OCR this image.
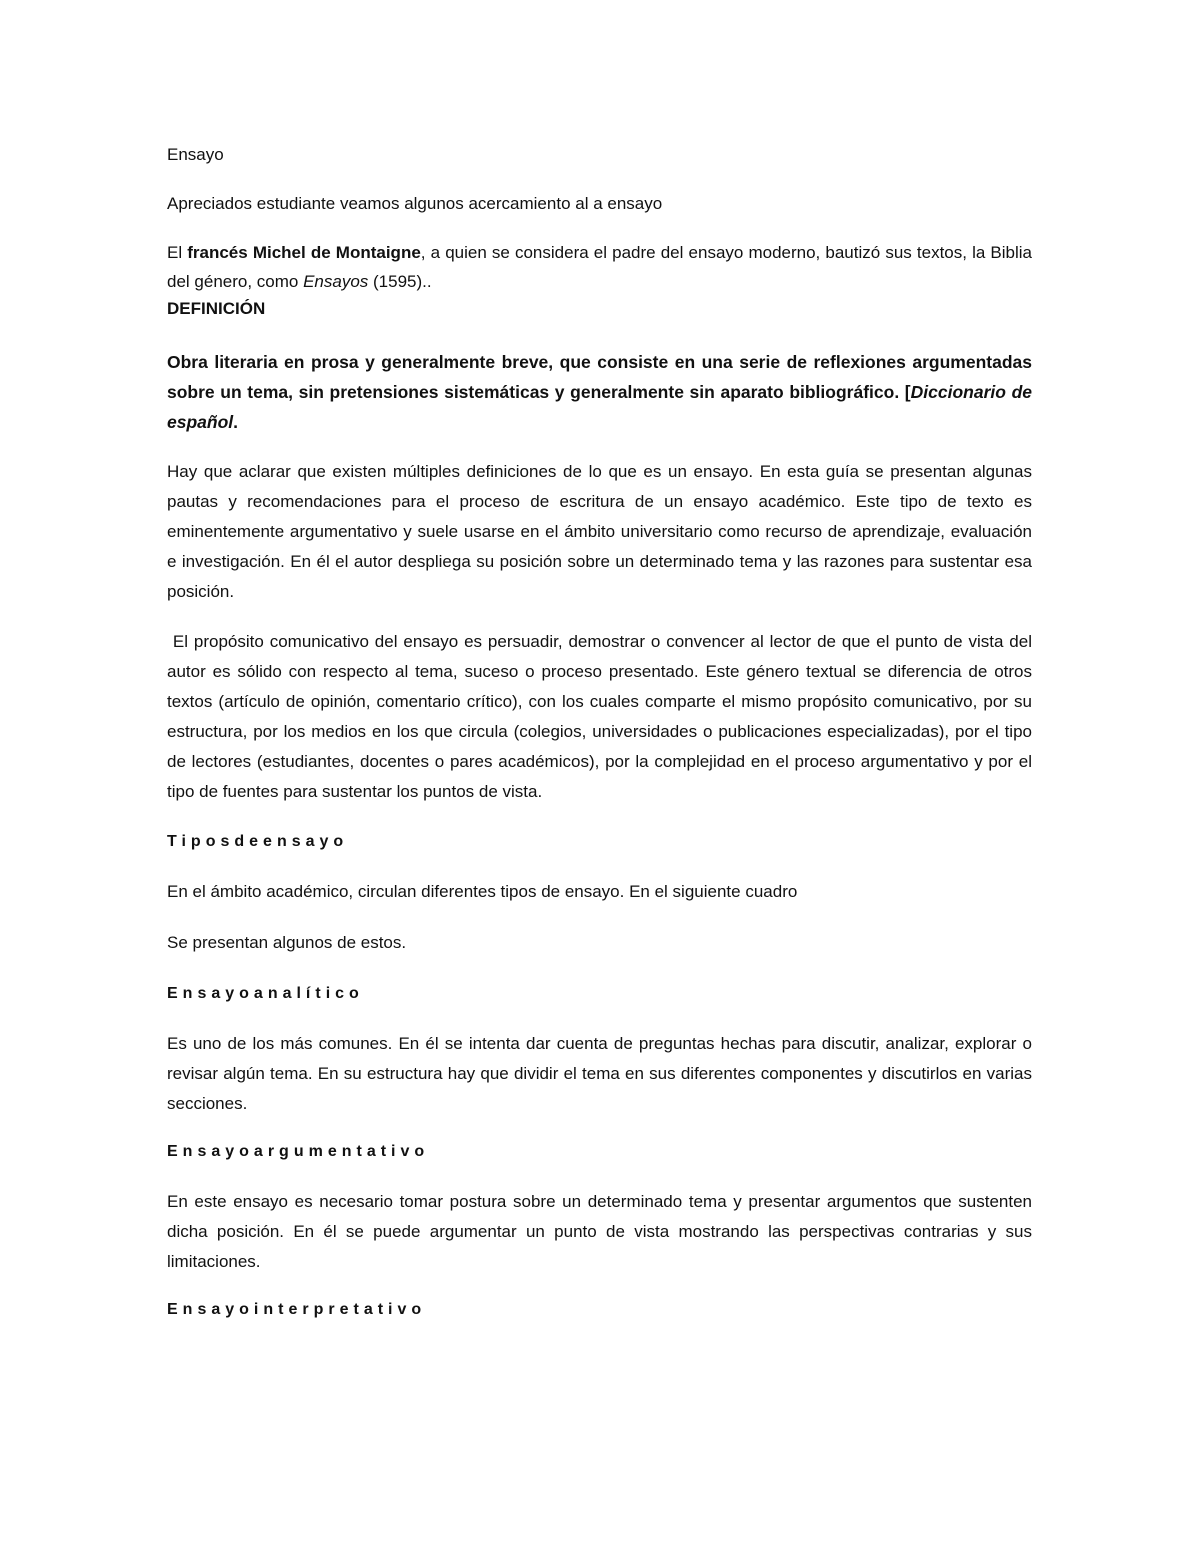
Ensayo

Apreciados estudiante veamos algunos acercamiento al a ensayo

El francés Michel de Montaigne, a quien se considera el padre del ensayo moderno, bautizó sus textos, la Biblia del género, como Ensayos (1595)..

DEFINICIÓN

Obra literaria en prosa y generalmente breve, que consiste en una serie de reflexiones argumentadas sobre un tema, sin pretensiones sistemáticas y generalmente sin aparato bibliográfico. [Diccionario de español.

Hay que aclarar que existen múltiples definiciones de lo que es un ensayo. En esta guía se presentan algunas pautas y recomendaciones para el proceso de escritura de un ensayo académico. Este tipo de texto es eminentemente argumentativo y suele usarse en el ámbito universitario como recurso de aprendizaje, evaluación e investigación. En él el autor despliega su posición sobre un determinado tema y las razones para sustentar esa posición.

El propósito comunicativo del ensayo es persuadir, demostrar o convencer al lector de que el punto de vista del autor es sólido con respecto al tema, suceso o proceso presentado. Este género textual se diferencia de otros textos (artículo de opinión, comentario crítico), con los cuales comparte el mismo propósito comunicativo, por su estructura, por los medios en los que circula (colegios, universidades o publicaciones especializadas), por el tipo de lectores (estudiantes, docentes o pares académicos), por la complejidad en el proceso argumentativo y por el tipo de fuentes para sustentar los puntos de vista.

Tiposdeensayo

En el ámbito académico, circulan diferentes tipos de ensayo. En el siguiente cuadro

Se presentan algunos de estos.

Ensayoanalítico

Es uno de los más comunes. En él se intenta dar cuenta de preguntas hechas para discutir, analizar, explorar o revisar algún tema. En su estructura hay que dividir el tema en sus diferentes componentes y discutirlos en varias secciones.

Ensayoargumentativo

En este ensayo es necesario tomar postura sobre un determinado tema y presentar argumentos que sustenten dicha posición. En él se puede argumentar un punto de vista mostrando las perspectivas contrarias y sus limitaciones.

Ensayointerpretativo
